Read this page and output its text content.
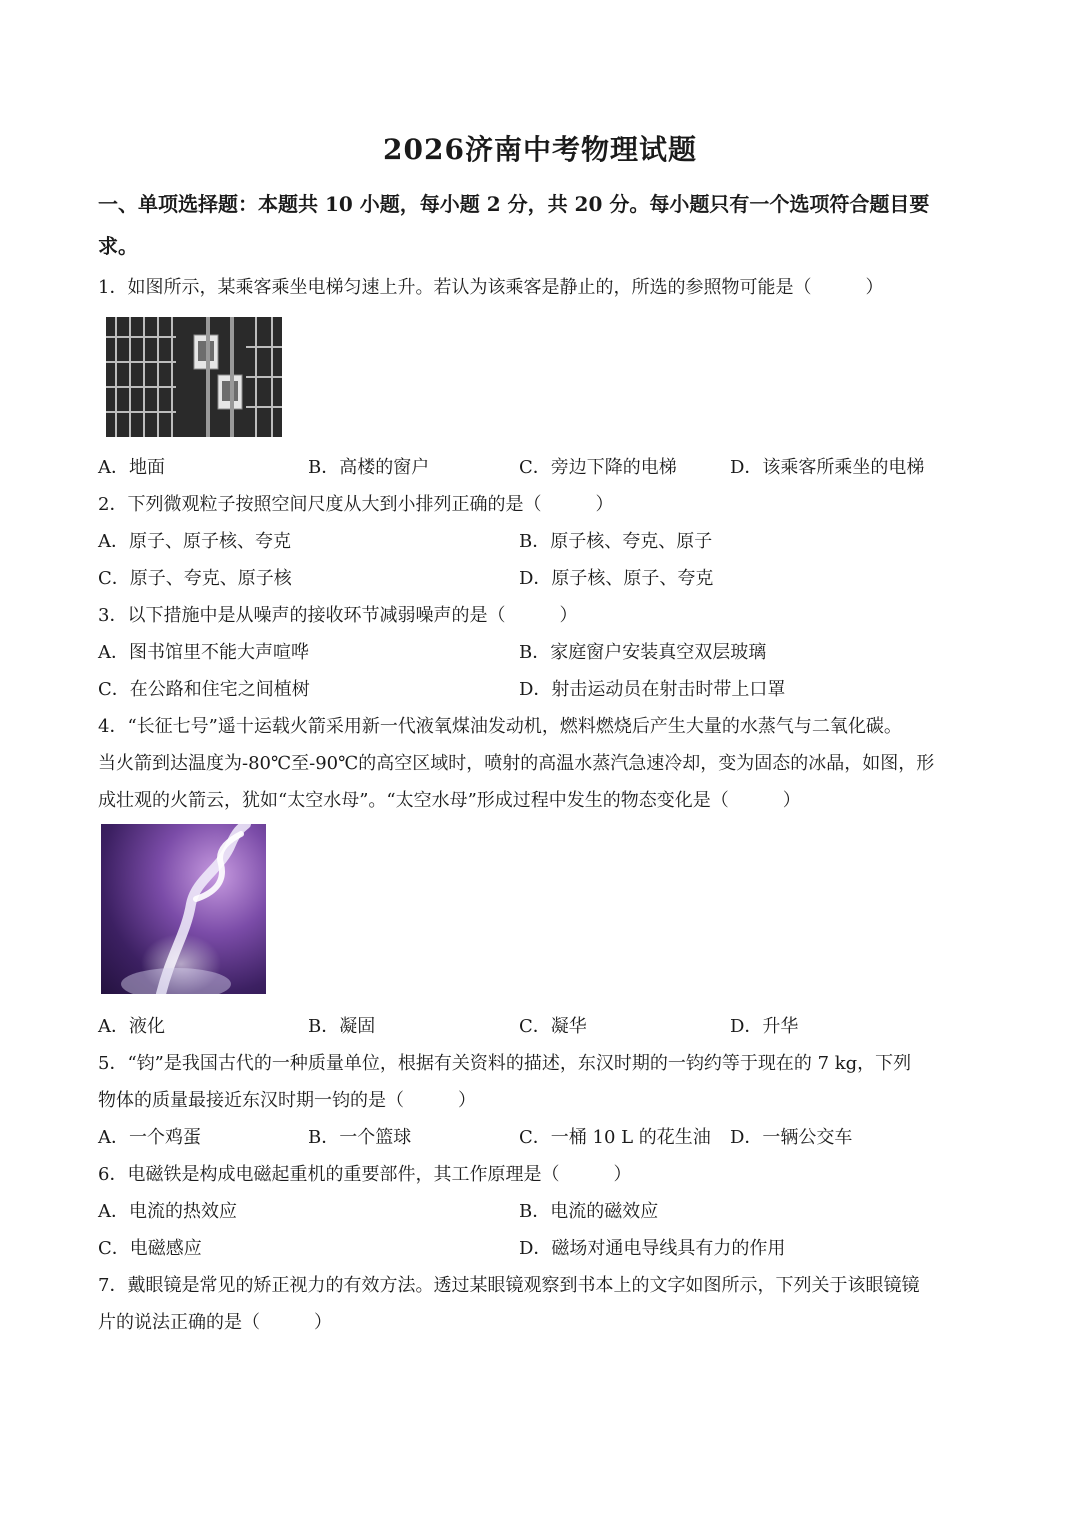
2026济南中考物理试题
一、单项选择题：本题共 10 小题，每小题 2 分，共 20 分。每小题只有一个选项符合题目要
求。
1．如图所示，某乘客乘坐电梯匀速上升。若认为该乘客是静止的，所选的参照物可能是（　　　）
A．地面	B．高楼的窗户	C．旁边下降的电梯	D．该乘客所乘坐的电梯
2．下列微观粒子按照空间尺度从大到小排列正确的是（　　　）
A．原子、原子核、夸克	B．原子核、夸克、原子
C．原子、夸克、原子核	D．原子核、原子、夸克
3．以下措施中是从噪声的接收环节减弱噪声的是（　　　）
A．图书馆里不能大声喧哗	B．家庭窗户安装真空双层玻璃
C．在公路和住宅之间植树	D．射击运动员在射击时带上口罩
4．“长征七号”遥十运载火箭采用新一代液氧煤油发动机，燃料燃烧后产生大量的水蒸气与二氧化碳。
当火箭到达温度为-80℃至-90℃的高空区域时，喷射的高温水蒸汽急速冷却，变为固态的冰晶，如图，形
成壮观的火箭云，犹如“太空水母”。“太空水母”形成过程中发生的物态变化是（　　　）
A．液化	B．凝固	C．凝华	D．升华
5．“钧”是我国古代的一种质量单位，根据有关资料的描述，东汉时期的一钧约等于现在的 7 kg，下列
物体的质量最接近东汉时期一钧的是（　　　）
A．一个鸡蛋	B．一个篮球	C．一桶 10 L 的花生油 D．一辆公交车
6．电磁铁是构成电磁起重机的重要部件，其工作原理是（　　　）
A．电流的热效应	B．电流的磁效应
C．电磁感应	D．磁场对通电导线具有力的作用
7．戴眼镜是常见的矫正视力的有效方法。透过某眼镜观察到书本上的文字如图所示，下列关于该眼镜镜
片的说法正确的是（　　　）
